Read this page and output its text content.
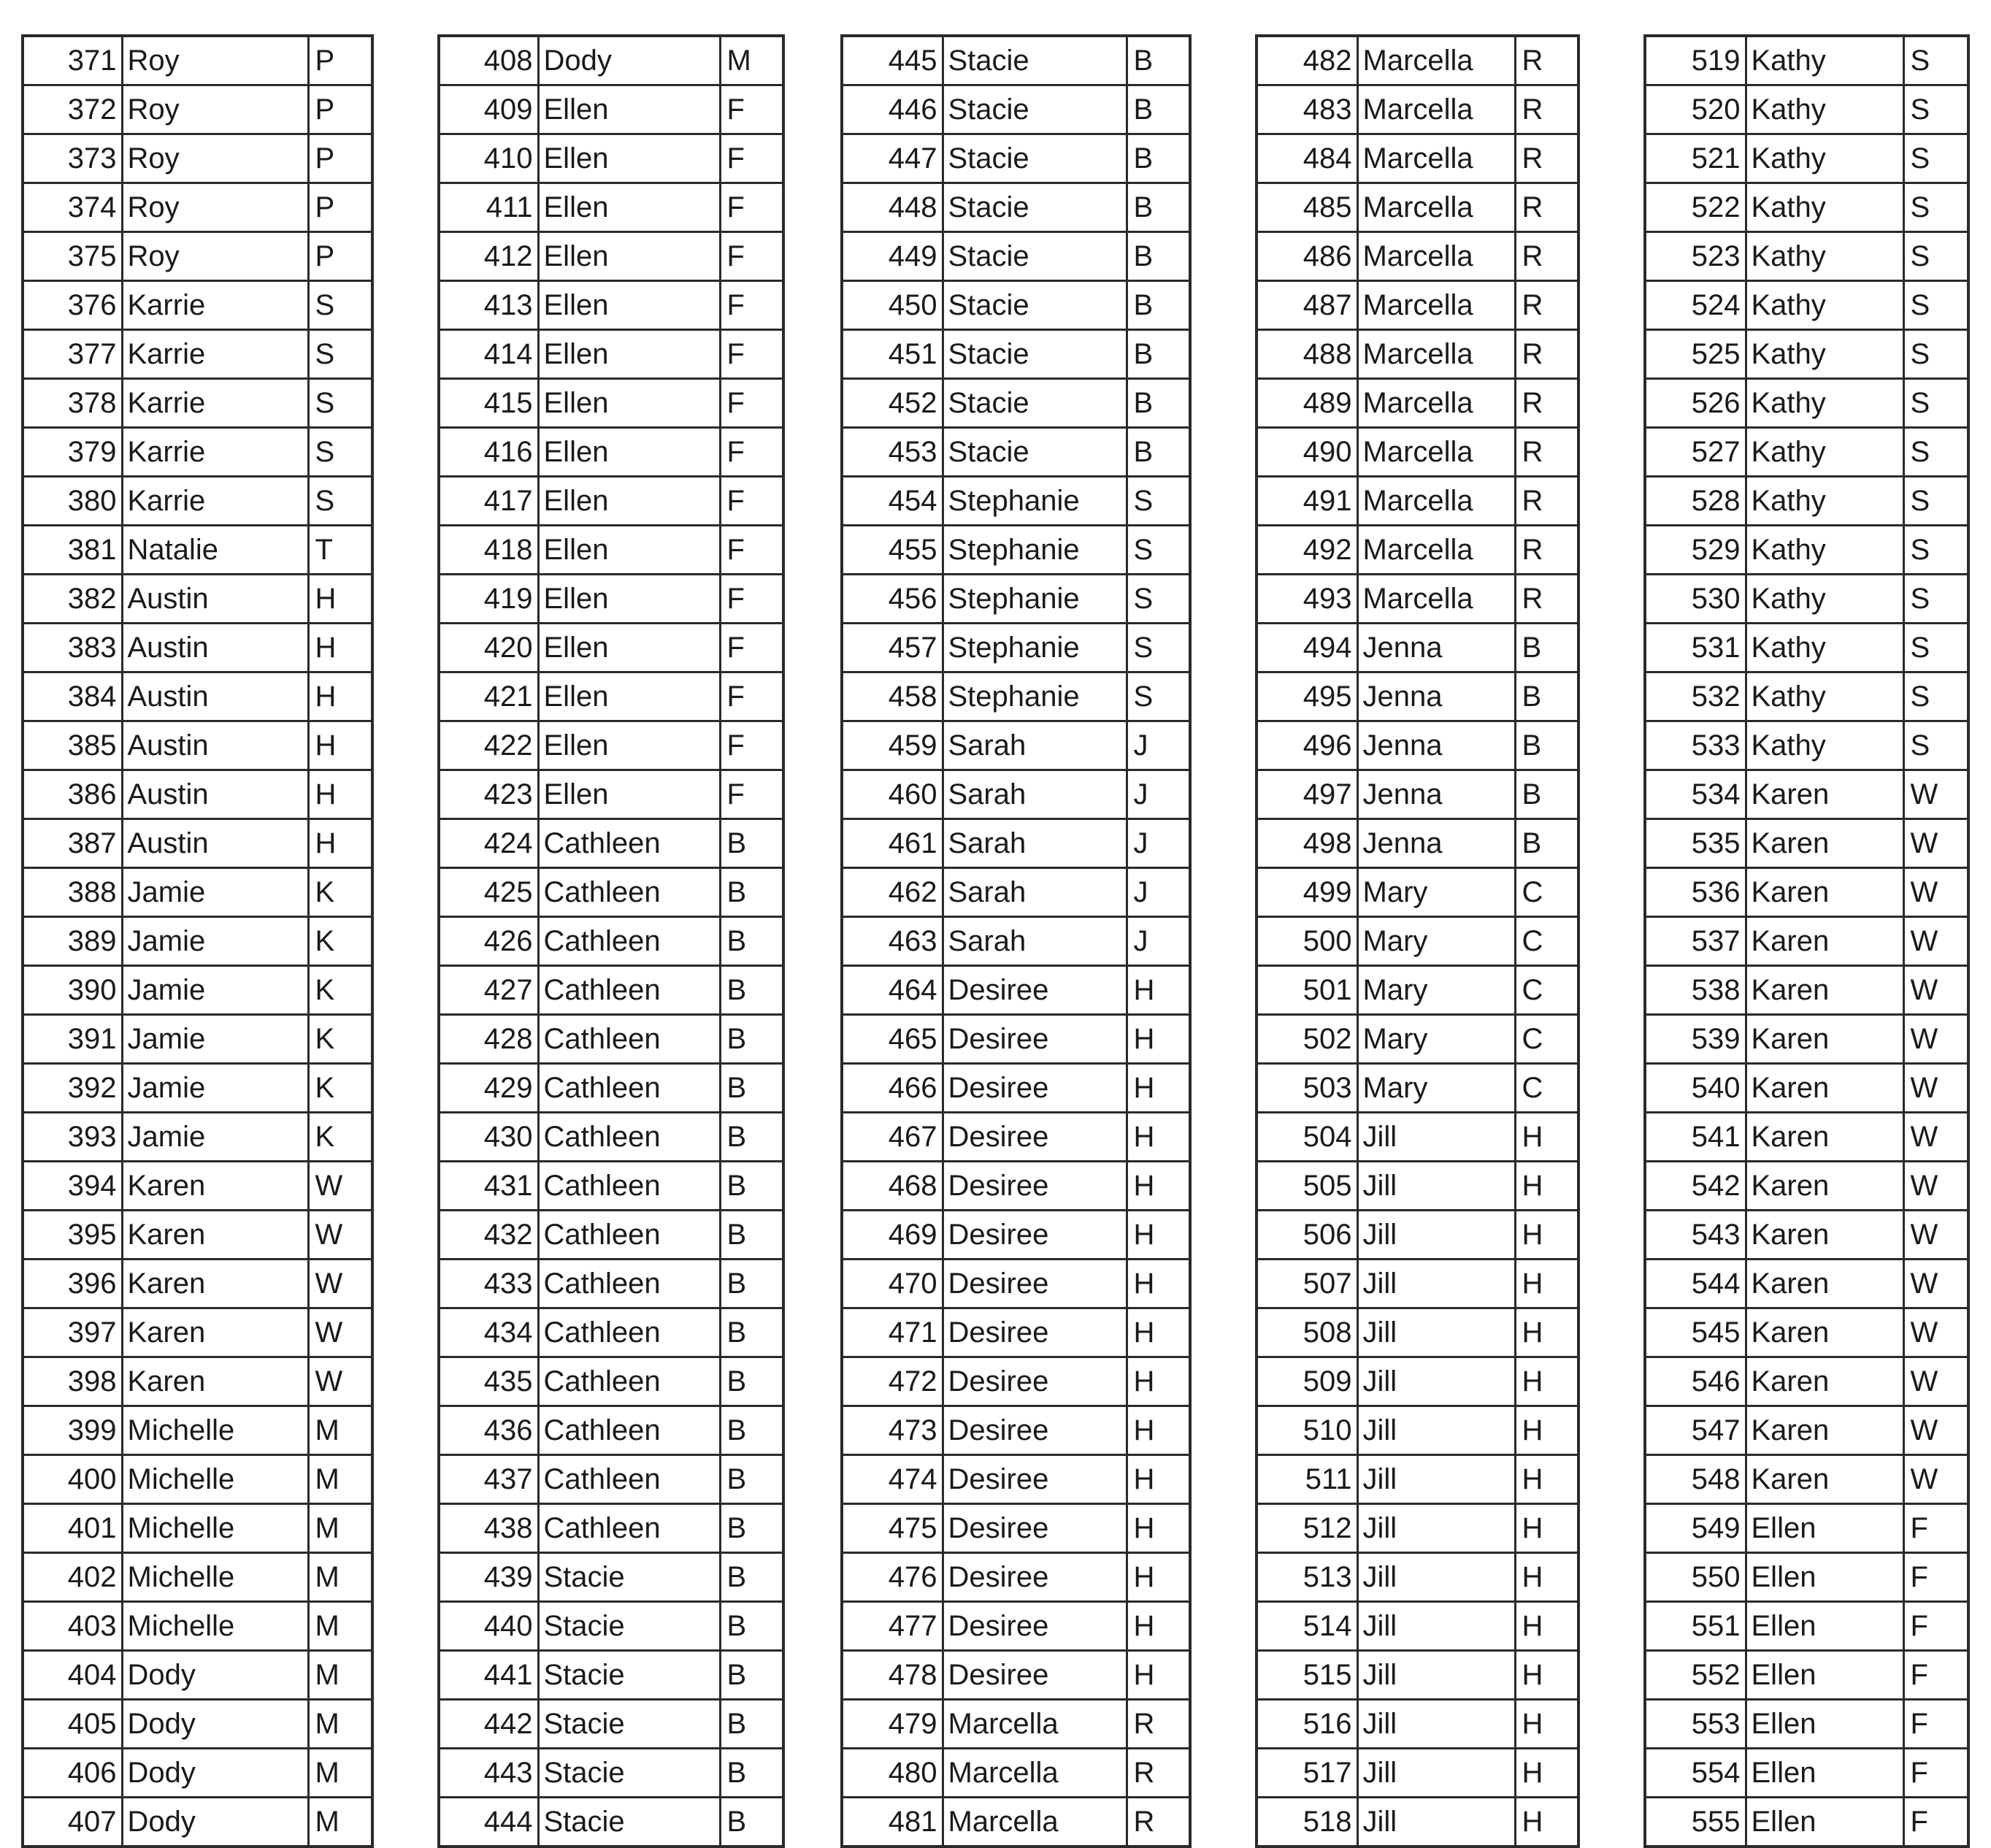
371	Roy	P
372	Roy	P
373	Roy	P
374	Roy	P
375	Roy	P
376	Karrie	S
377	Karrie	S
378	Karrie	S
379	Karrie	S
380	Karrie	S
381	Natalie	T
382	Austin	H
383	Austin	H
384	Austin	H
385	Austin	H
386	Austin	H
387	Austin	H
388	Jamie	K
389	Jamie	K
390	Jamie	K
391	Jamie	K
392	Jamie	K
393	Jamie	K
394	Karen	W
395	Karen	W
396	Karen	W
397	Karen	W
398	Karen	W
399	Michelle	M
400	Michelle	M
401	Michelle	M
402	Michelle	M
403	Michelle	M
404	Dody	M
405	Dody	M
406	Dody	M
407	Dody	M
408	Dody	M
409	Ellen	F
410	Ellen	F
411	Ellen	F
412	Ellen	F
413	Ellen	F
414	Ellen	F
415	Ellen	F
416	Ellen	F
417	Ellen	F
418	Ellen	F
419	Ellen	F
420	Ellen	F
421	Ellen	F
422	Ellen	F
423	Ellen	F
424	Cathleen	B
425	Cathleen	B
426	Cathleen	B
427	Cathleen	B
428	Cathleen	B
429	Cathleen	B
430	Cathleen	B
431	Cathleen	B
432	Cathleen	B
433	Cathleen	B
434	Cathleen	B
435	Cathleen	B
436	Cathleen	B
437	Cathleen	B
438	Cathleen	B
439	Stacie	B
440	Stacie	B
441	Stacie	B
442	Stacie	B
443	Stacie	B
444	Stacie	B
445	Stacie	B
446	Stacie	B
447	Stacie	B
448	Stacie	B
449	Stacie	B
450	Stacie	B
451	Stacie	B
452	Stacie	B
453	Stacie	B
454	Stephanie	S
455	Stephanie	S
456	Stephanie	S
457	Stephanie	S
458	Stephanie	S
459	Sarah	J
460	Sarah	J
461	Sarah	J
462	Sarah	J
463	Sarah	J
464	Desiree	H
465	Desiree	H
466	Desiree	H
467	Desiree	H
468	Desiree	H
469	Desiree	H
470	Desiree	H
471	Desiree	H
472	Desiree	H
473	Desiree	H
474	Desiree	H
475	Desiree	H
476	Desiree	H
477	Desiree	H
478	Desiree	H
479	Marcella	R
480	Marcella	R
481	Marcella	R
482	Marcella	R
483	Marcella	R
484	Marcella	R
485	Marcella	R
486	Marcella	R
487	Marcella	R
488	Marcella	R
489	Marcella	R
490	Marcella	R
491	Marcella	R
492	Marcella	R
493	Marcella	R
494	Jenna	B
495	Jenna	B
496	Jenna	B
497	Jenna	B
498	Jenna	B
499	Mary	C
500	Mary	C
501	Mary	C
502	Mary	C
503	Mary	C
504	Jill	H
505	Jill	H
506	Jill	H
507	Jill	H
508	Jill	H
509	Jill	H
510	Jill	H
511	Jill	H
512	Jill	H
513	Jill	H
514	Jill	H
515	Jill	H
516	Jill	H
517	Jill	H
518	Jill	H
519	Kathy	S
520	Kathy	S
521	Kathy	S
522	Kathy	S
523	Kathy	S
524	Kathy	S
525	Kathy	S
526	Kathy	S
527	Kathy	S
528	Kathy	S
529	Kathy	S
530	Kathy	S
531	Kathy	S
532	Kathy	S
533	Kathy	S
534	Karen	W
535	Karen	W
536	Karen	W
537	Karen	W
538	Karen	W
539	Karen	W
540	Karen	W
541	Karen	W
542	Karen	W
543	Karen	W
544	Karen	W
545	Karen	W
546	Karen	W
547	Karen	W
548	Karen	W
549	Ellen	F
550	Ellen	F
551	Ellen	F
552	Ellen	F
553	Ellen	F
554	Ellen	F
555	Ellen	F
